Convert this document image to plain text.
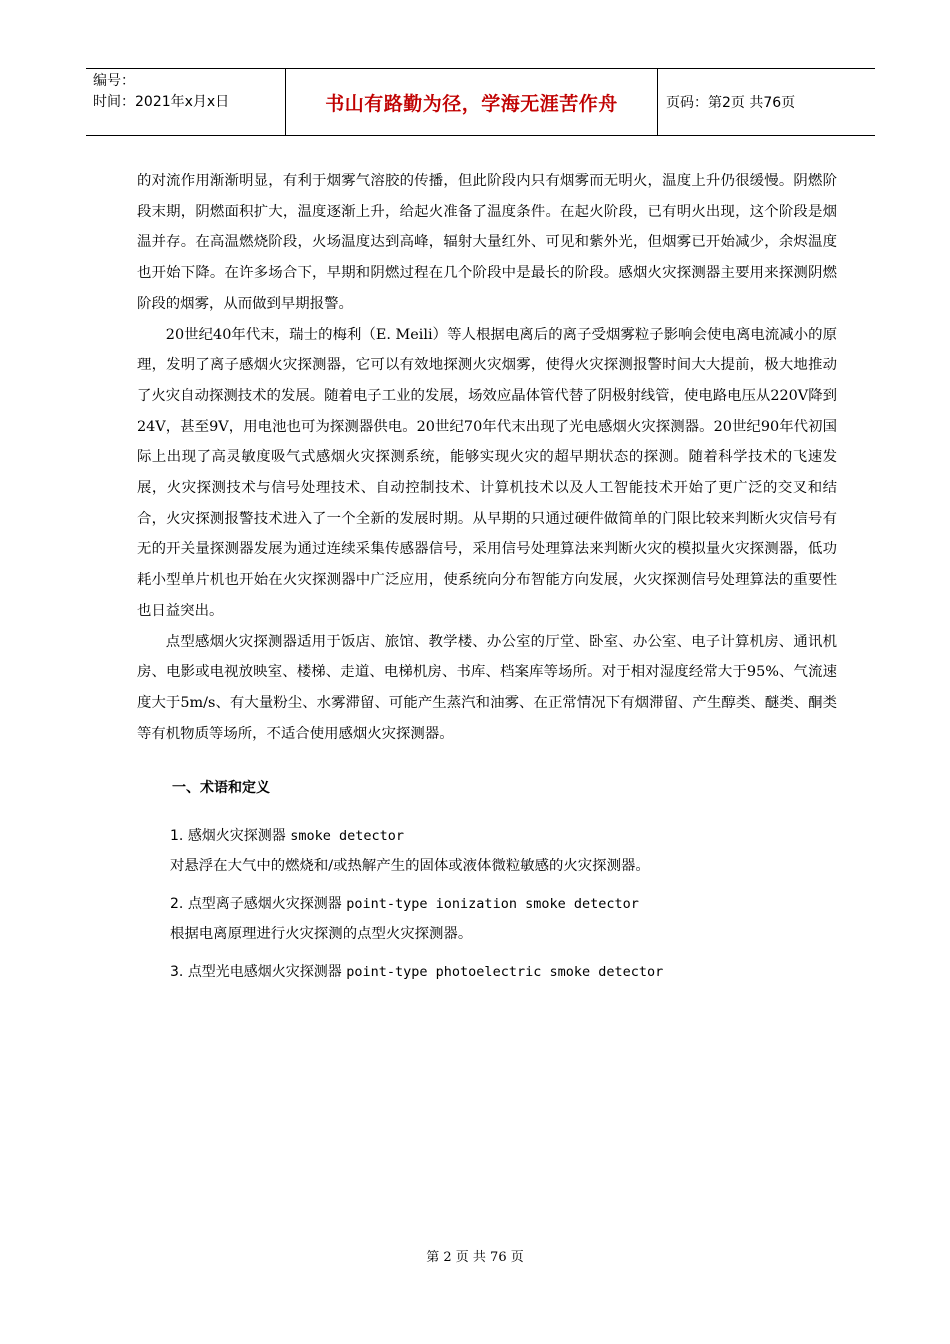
编号：
时间：2021年x月x日	书山有路勤为径，学海无涯苦作舟	页码：第2页 共76页

的对流作用渐渐明显，有利于烟雾气溶胶的传播，但此阶段内只有烟雾而无明火，温度上升仍很缓慢。阴燃阶段末期，阴燃面积扩大，温度逐渐上升，给起火准备了温度条件。在起火阶段，已有明火出现，这个阶段是烟温并存。在高温燃烧阶段，火场温度达到高峰，辐射大量红外、可见和紫外光，但烟雾已开始减少，余烬温度也开始下降。在许多场合下，早期和阴燃过程在几个阶段中是最长的阶段。感烟火灾探测器主要用来探测阴燃阶段的烟雾，从而做到早期报警。

20世纪40年代末，瑞士的梅利（E. Meili）等人根据电离后的离子受烟雾粒子影响会使电离电流减小的原理，发明了离子感烟火灾探测器，它可以有效地探测火灾烟雾，使得火灾探测报警时间大大提前，极大地推动了火灾自动探测技术的发展。随着电子工业的发展，场效应晶体管代替了阴极射线管，使电路电压从220V降到24V，甚至9V，用电池也可为探测器供电。20世纪70年代末出现了光电感烟火灾探测器。20世纪90年代初国际上出现了高灵敏度吸气式感烟火灾探测系统，能够实现火灾的超早期状态的探测。随着科学技术的飞速发展，火灾探测技术与信号处理技术、自动控制技术、计算机技术以及人工智能技术开始了更广泛的交叉和结合，火灾探测报警技术进入了一个全新的发展时期。从早期的只通过硬件做简单的门限比较来判断火灾信号有无的开关量探测器发展为通过连续采集传感器信号，采用信号处理算法来判断火灾的模拟量火灾探测器，低功耗小型单片机也开始在火灾探测器中广泛应用，使系统向分布智能方向发展，火灾探测信号处理算法的重要性也日益突出。

点型感烟火灾探测器适用于饭店、旅馆、教学楼、办公室的厅堂、卧室、办公室、电子计算机房、通讯机房、电影或电视放映室、楼梯、走道、电梯机房、书库、档案库等场所。对于相对湿度经常大于95%、气流速度大于5m/s、有大量粉尘、水雾滞留、可能产生蒸汽和油雾、在正常情况下有烟滞留、产生醇类、醚类、酮类等有机物质等场所，不适合使用感烟火灾探测器。

一、术语和定义

1. 感烟火灾探测器 smoke detector

对悬浮在大气中的燃烧和/或热解产生的固体或液体微粒敏感的火灾探测器。

2. 点型离子感烟火灾探测器 point-type ionization smoke detector

根据电离原理进行火灾探测的点型火灾探测器。

3. 点型光电感烟火灾探测器 point-type photoelectric smoke detector

第 2 页 共 76 页
